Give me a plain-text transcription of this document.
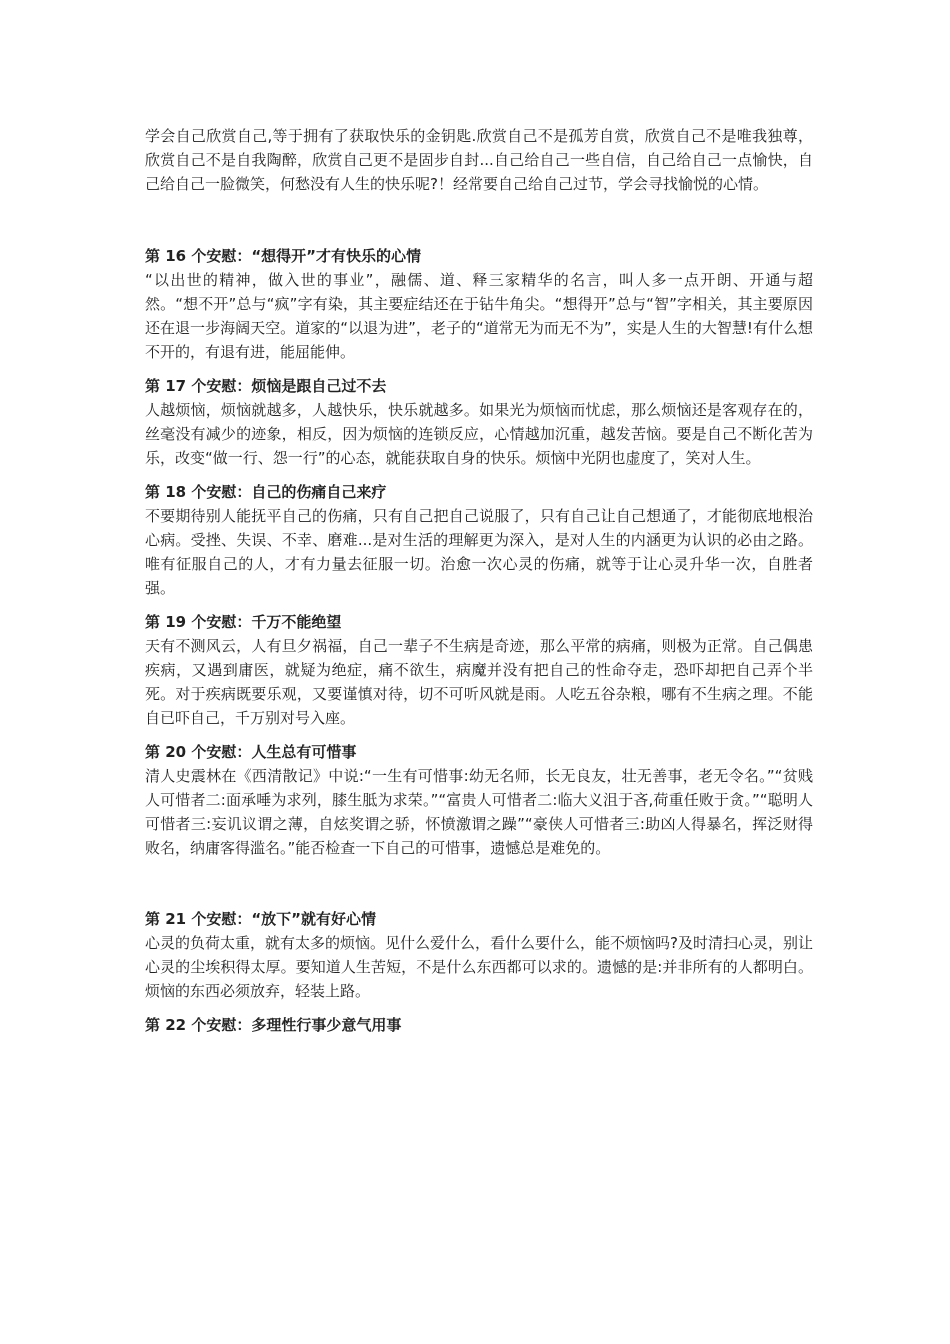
学会自己欣赏自己,等于拥有了获取快乐的金钥匙.欣赏自己不是孤芳自赏，欣赏自己不是唯我独尊，欣赏自己不是自我陶醉，欣赏自己更不是固步自封...自己给自己一些自信，自己给自己一点愉快，自己给自己一脸微笑，何愁没有人生的快乐呢?！经常要自己给自己过节，学会寻找愉悦的心情。

第 16 个安慰：“想得开”才有快乐的心情

“以出世的精神，做入世的事业”，融儒、道、释三家精华的名言，叫人多一点开朗、开通与超然。“想不开”总与“疯”字有染，其主要症结还在于钻牛角尖。“想得开”总与“智”字相关，其主要原因还在退一步海阔天空。道家的“以退为进”，老子的“道常无为而无不为”，实是人生的大智慧!有什么想不开的，有退有进，能屈能伸。

第 17 个安慰：烦恼是跟自己过不去

人越烦恼，烦恼就越多，人越快乐，快乐就越多。如果光为烦恼而忧虑，那么烦恼还是客观存在的，丝毫没有减少的迹象，相反，因为烦恼的连锁反应，心情越加沉重，越发苦恼。要是自己不断化苦为乐，改变“做一行、怨一行”的心态，就能获取自身的快乐。烦恼中光阴也虚度了，笑对人生。

第 18 个安慰：自己的伤痛自己来疗

不要期待别人能抚平自己的伤痛，只有自己把自己说服了，只有自己让自己想通了，才能彻底地根治心病。受挫、失误、不幸、磨难...是对生活的理解更为深入，是对人生的内涵更为认识的必由之路。唯有征服自己的人，才有力量去征服一切。治愈一次心灵的伤痛，就等于让心灵升华一次，自胜者强。

第 19 个安慰：千万不能绝望

天有不测风云，人有旦夕祸福，自己一辈子不生病是奇迹，那么平常的病痛，则极为正常。自己偶患疾病，又遇到庸医，就疑为绝症，痛不欲生，病魔并没有把自己的性命夺走，恐吓却把自己弄个半死。对于疾病既要乐观，又要谨慎对待，切不可听风就是雨。人吃五谷杂粮，哪有不生病之理。不能自已吓自己，千万别对号入座。

第 20 个安慰：人生总有可惜事

清人史震林在《西清散记》中说:“一生有可惜事:幼无名师，长无良友，壮无善事，老无令名。”“贫贱人可惜者二:面承唾为求列，膝生胝为求荣。”“富贵人可惜者二:临大义沮于吝,荷重任败于贪。”“聪明人可惜者三:妄讥议谓之薄，自炫奖谓之骄，怀愤激谓之躁”“豪侠人可惜者三:助凶人得暴名，挥泛财得败名，纳庸客得滥名。”能否检查一下自己的可惜事，遗憾总是难免的。

第 21 个安慰：“放下”就有好心情

心灵的负荷太重，就有太多的烦恼。见什么爱什么，看什么要什么，能不烦恼吗?及时清扫心灵，别让心灵的尘埃积得太厚。要知道人生苦短，不是什么东西都可以求的。遗憾的是:并非所有的人都明白。烦恼的东西必须放弃，轻装上路。

第 22 个安慰：多理性行事少意气用事
